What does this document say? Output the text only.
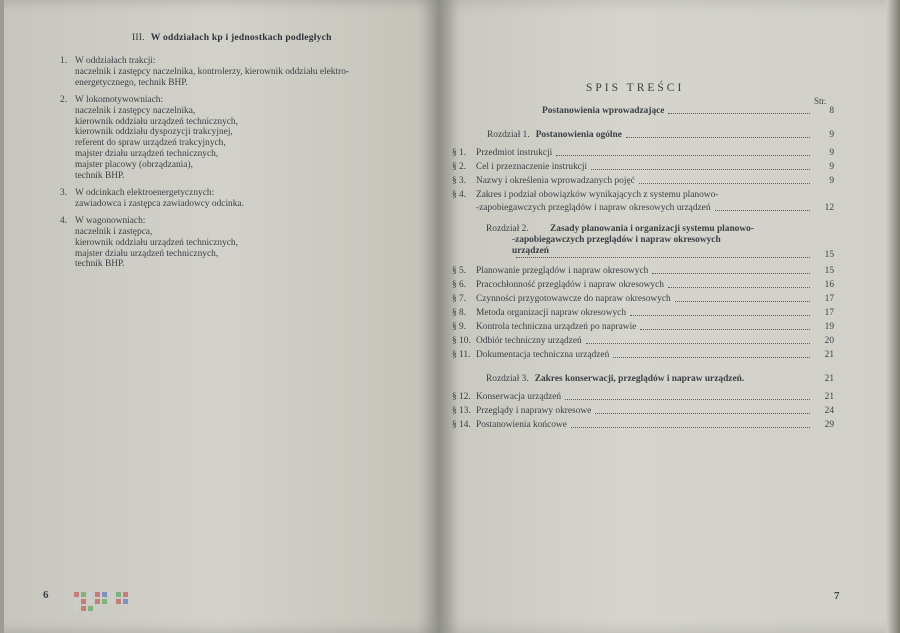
III. W oddziałach kp i jednostkach podległych
1. W oddziałach trakcji:
naczelnik i zastępcy naczelnika, kontrolerzy, kierownik oddziału elektro-
energetycznego, technik BHP.
2. W lokomotywowniach:
naczelnik i zastępcy naczelnika,
kierownik oddziału urządzeń technicznych,
kierownik oddziału dyspozycji trakcyjnej,
referent do spraw urządzeń trakcyjnych,
majster działu urządzeń technicznych,
majster placowy (obrządzania),
technik BHP.
3. W odcinkach elektroenergetycznych:
zawiadowca i zastępca zawiadowcy odcinka.
4. W wagonowniach:
naczelnik i zastępca,
kierownik oddziału urządzeń technicznych,
majster działu urządzeń technicznych,
technik BHP.
6
SPIS TREŚCI
Str.
Postanowienia wprowadzające	8
Rozdział 1. Postanowienia ogólne	9
§ 1.	Przedmiot instrukcji	9
§ 2.	Cel i przeznaczenie instrukcji	9
§ 3.	Nazwy i określenia wprowadzanych pojęć	9
§ 4.	Zakres i podział obowiązków wynikających z systemu planowo-
-zapobiegawczych przeglądów i napraw okresowych urządzeń	12
Rozdział 2.	Zasady planowania i organizacji systemu planowo-
-zapobiegawczych przeglądów i napraw okresowych
urządzeń	15
§ 5.	Planowanie przeglądów i napraw okresowych	15
§ 6.	Pracochłonność przeglądów i napraw okresowych	16
§ 7.	Czynności przygotowawcze do napraw okresowych	17
§ 8.	Metoda organizacji napraw okresowych	17
§ 9.	Kontrola techniczna urządzeń po naprawie	19
§ 10. Odbiór techniczny urządzeń	20
§ 11. Dokumentacja techniczna urządzeń	21
Rozdział 3. Zakres konserwacji, przeglądów i napraw urządzeń.	21
§ 12. Konserwacja urządzeń	21
§ 13. Przeglądy i naprawy okresowe	24
§ 14. Postanowienia końcowe	29
7
